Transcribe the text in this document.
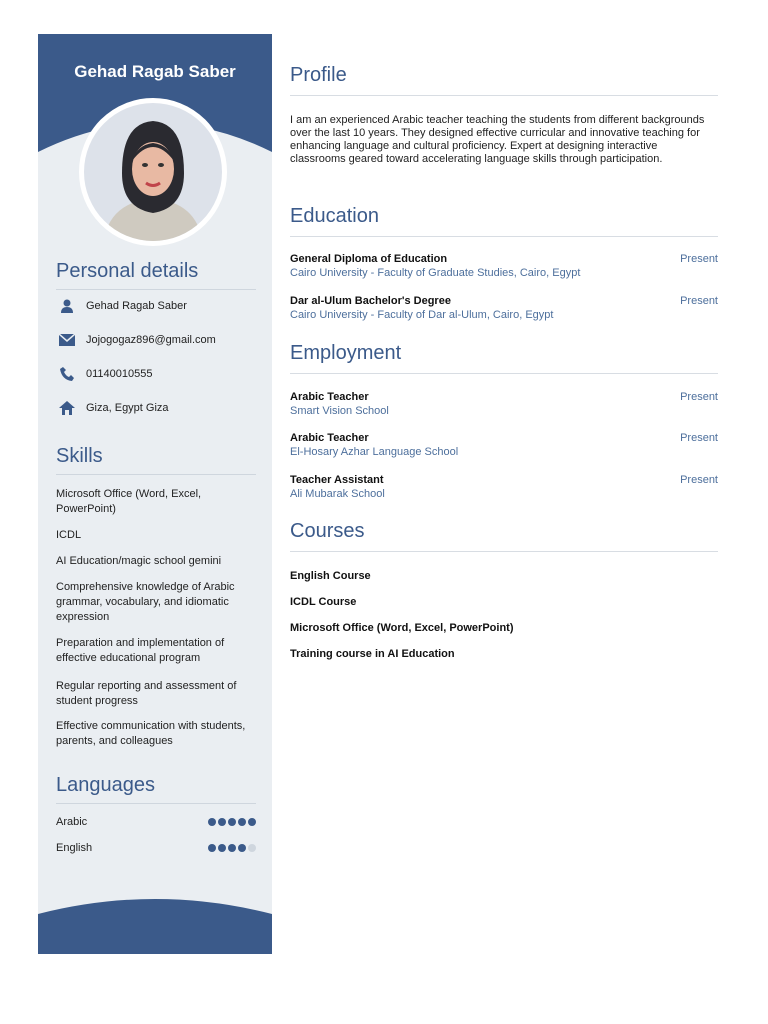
Gehad Ragab Saber
Personal details
Gehad Ragab Saber
Jojogogaz896@gmail.com
01140010555
Giza, Egypt Giza
Skills
Microsoft Office (Word, Excel, PowerPoint)
ICDL
AI Education/magic school gemini
Comprehensive knowledge of Arabic grammar, vocabulary, and idiomatic expression
Preparation and implementation of effective educational program
Regular reporting and assessment of student progress
Effective communication with students, parents, and colleagues
Languages
Arabic
English
Profile
I am an experienced Arabic teacher teaching the students from different backgrounds over the last 10 years. They designed effective curricular and innovative teaching for enhancing language and cultural proficiency. Expert at designing interactive classrooms geared toward accelerating language skills through participation.
Education
General Diploma of Education
Cairo University - Faculty of Graduate Studies, Cairo, Egypt
Present
Dar al-Ulum Bachelor's Degree
Cairo University - Faculty of Dar al-Ulum, Cairo, Egypt
Present
Employment
Arabic Teacher
Smart Vision School
Present
Arabic Teacher
El-Hosary Azhar Language School
Present
Teacher Assistant
Ali Mubarak School
Present
Courses
English Course
ICDL Course
Microsoft Office (Word, Excel, PowerPoint)
Training course in AI Education
